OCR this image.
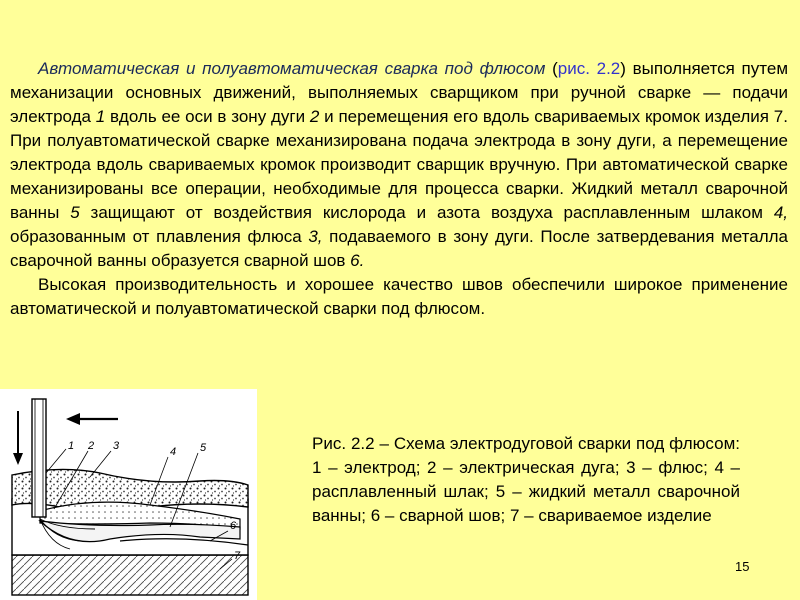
Автоматическая и полуавтоматическая сварка под флюсом (рис. 2.2) выполняется путем механизации основных движений, выполняемых сварщиком при ручной сварке — подачи электрода 1 вдоль ее оси в зону дуги 2 и перемещения его вдоль свариваемых кромок изделия 7. При полуавтоматической сварке механизирована подача электрода в зону дуги, а перемещение электрода вдоль свариваемых кромок производит сварщик вручную. При автоматической сварке механизированы все операции, необходимые для процесса сварки. Жидкий металл сварочной ванны 5 защищают от воздействия кислорода и азота воздуха расплавленным шлаком 4, образованным от плавления флюса 3, подаваемого в зону дуги. После затвердевания металла сварочной ванны образуется сварной шов 6.

Высокая производительность и хорошее качество швов обеспечили широкое применение автоматической и полуавтоматической сварки под флюсом.

1 2 3	4 5
6
7
Рис. 2.2 – Схема электродуговой сварки под флюсом: 1 – электрод; 2 – электрическая дуга; 3 – флюс; 4 – расплавленный шлак; 5 – жидкий металл сварочной ванны; 6 – сварной шов; 7 – свариваемое изделие
15
